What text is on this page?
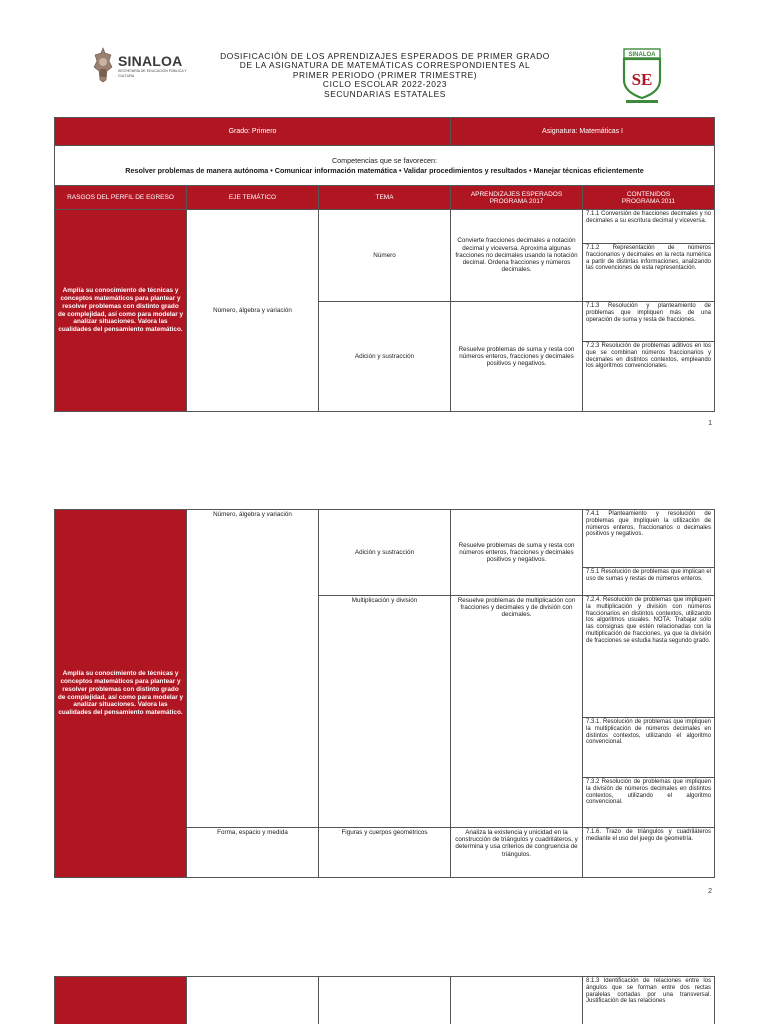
SINALOA
SECRETARÍA DE EDUCACIÓN PÚBLICA Y CULTURA
DOSIFICACIÓN DE LOS APRENDIZAJES ESPERADOS DE PRIMER GRADO
DE LA ASIGNATURA DE MATEMÁTICAS CORRESPONDIENTES AL
PRIMER PERIODO (PRIMER TRIMESTRE)
CICLO ESCOLAR 2022-2023
SECUNDARIAS ESTATALES
SINALOA
SE
Grado: Primero			Asignatura: Matemáticas I	

Competencias que se favorecen:
Resolver problemas de manera autónoma • Comunicar información matemática • Validar procedimientos y resultados • Manejar técnicas eficientemente				

RASGOS DEL PERFIL DE EGRESO	EJE TEMÁTICO	TEMA	APRENDIZAJES ESPERADOS PROGRAMA 2017	CONTENIDOS PROGRAMA 2011
Amplía su conocimiento de técnicas y conceptos matemáticos para plantear y resolver problemas con distinto grado de complejidad, así como para modelar y analizar situaciones. Valora las cualidades del pensamiento matemático.	Número, álgebra y variación	Número	Convierte fracciones decimales a notación decimal y viceversa. Aproxima algunas fracciones no decimales usando la notación decimal. Ordena fracciones y números decimales.	7.1.1 Conversión de fracciones decimales y no decimales a su escritura decimal y viceversa.
				7.1.2 Representación de números fraccionarios y decimales en la recta numérica a partir de distintas informaciones, analizando las convenciones de esta representación.
		Adición y sustracción	Resuelve problemas de suma y resta con números enteros, fracciones y decimales positivos y negativos.	7.1.3 Resolución y planteamiento de problemas que impliquen más de una operación de suma y resta de fracciones.
				7.2.3 Resolución de problemas aditivos en los que se combinan números fraccionarios y decimales en distintos contextos, empleando los algoritmos convencionales.
1
Amplía su conocimiento de técnicas y conceptos matemáticos para plantear y resolver problemas con distinto grado de complejidad, así como para modelar y analizar situaciones. Valora las cualidades del pensamiento matemático.	Número, álgebra y variación	Adición y sustracción	Resuelve problemas de suma y resta con números enteros, fracciones y decimales positivos y negativos.	7.4.1 Planteamiento y resolución de problemas que impliquen la utilización de números enteros, fraccionarios o decimales positivos y negativos.
				7.5.1 Resolución de problemas que implican el uso de sumas y restas de números enteros.
		Multiplicación y división	Resuelve problemas de multiplicación con fracciones y decimales y de división con decimales.	7.2.4. Resolución de problemas que impliquen la multiplicación y división con números fraccionarios en distintos contextos, utilizando los algoritmos usuales. NOTA: Trabajar sólo las consignas que estén relacionadas con la multiplicación de fracciones, ya que la división de fracciones se estudia hasta segundo grado.
				7.3.1. Resolución de problemas que impliquen la multiplicación de números decimales en distintos contextos, utilizando el algoritmo convencional.
				7.3.2 Resolución de problemas que impliquen la división de números decimales en distintos contextos, utilizando el algoritmo convencional.
	Forma, espacio y medida	Figuras y cuerpos geométricos	Analiza la existencia y unicidad en la construcción de triángulos y cuadriláteros, y determina y usa criterios de congruencia de triángulos.	7.1.6. Trazo de triángulos y cuadriláteros mediante el uso del juego de geometría.
2
				8.1.3 Identificación de relaciones entre los ángulos que se forman entre dos rectas paralelas cortadas por una transversal. Justificación de las relaciones
